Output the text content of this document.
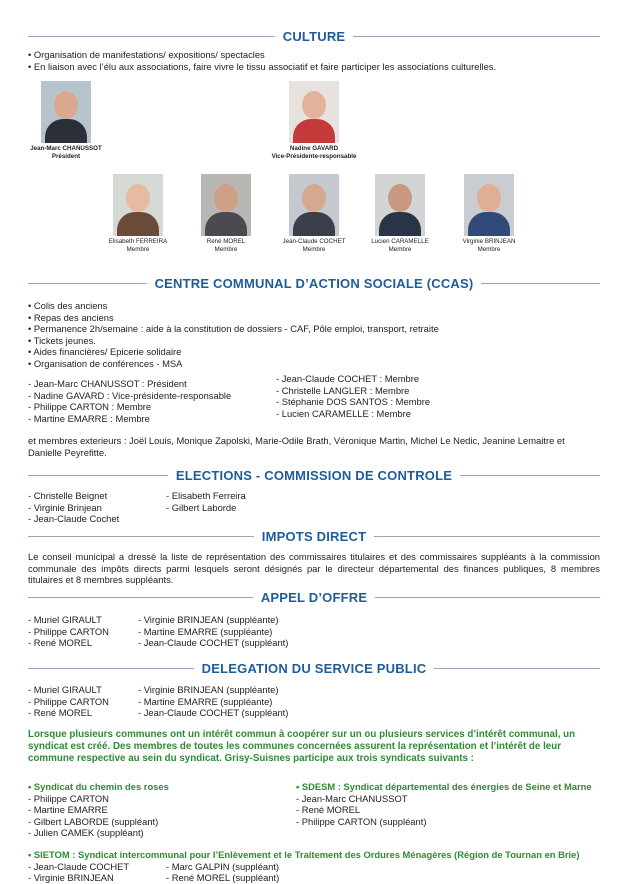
CULTURE
• Organisation de manifestations/ expositions/ spectacles
• En liaison avec l’élu aux associations, faire vivre le tissu associatif et faire participer les associations culturelles.
Jean-Marc CHANUSSOT
Président
Nadine GAVARD
Vice-Présidente-responsable
Elisabeth FERREIRA
Membre
René MOREL
Membre
Jean-Claude COCHET
Membre
Lucien CARAMELLE
Membre
Virginie BRINJEAN
Membre
CENTRE COMMUNAL D’ACTION SOCIALE (CCAS)
• Colis des anciens
• Repas des anciens
• Permanence 2h/semaine : aide à la constitution de dossiers - CAF, Pôle emploi, transport, retraite
• Tickets jeunes.
• Aides financières/ Epicerie solidaire
• Organisation de conférences - MSA
- Jean-Marc CHANUSSOT : Président
- Nadine GAVARD : Vice-présidente-responsable
- Philippe CARTON : Membre
- Martine EMARRE : Membre
- Jean-Claude COCHET : Membre
- Christelle LANGLER : Membre
- Stéphanie DOS SANTOS : Membre
- Lucien CARAMELLE : Membre

et membres exterieurs : Joël Louis, Monique Zapolski, Marie-Odile Brath, Véronique Martin, Michel Le Nedic, Jeanine Lemaitre et Danielle Peyrefitte.

ELECTIONS - COMMISSION DE CONTROLE
- Christelle Beignet
- Virginie Brinjean
- Jean-Claude Cochet
- Elisabeth Ferreira
- Gilbert Laborde
IMPOTS DIRECT

Le conseil municipal a dressé la liste de représentation des commissaires titulaires et des commissaires suppléants à la commission communale des impôts directs parmi lesquels seront désignés par le directeur départemental des finances publiques, 8 membres titulaires et 8 membres suppléants.

APPEL D’OFFRE
- Muriel GIRAULT
- Philippe CARTON
- René MOREL
- Virginie BRINJEAN (suppléante)
- Martine EMARRE (suppléante)
- Jean-Claude COCHET (suppléant)
DELEGATION DU SERVICE PUBLIC
- Muriel GIRAULT
- Philippe CARTON
- René MOREL
- Virginie BRINJEAN (suppléante)
- Martine EMARRE (suppléante)
- Jean-Claude COCHET (suppléant)

Lorsque plusieurs communes ont un intérêt commun à coopérer sur un ou plusieurs services d’intérêt communal, un syndicat est créé. Des membres de toutes les communes concernées assurent la représentation et l’intérêt de leur commune respective au sein du syndicat. Grisy-Suisnes participe aux trois syndicats suivants :

• Syndicat du chemin des roses
- Philippe CARTON
- Martine EMARRE
- Gilbert LABORDE (suppléant)
- Julien CAMEK (suppléant)
• SDESM : Syndicat départemental des énergies de Seine et Marne
- Jean-Marc CHANUSSOT
- René MOREL
- Philippe CARTON (suppléant)
• SIETOM : Syndicat intercommunal pour l’Enlèvement et le Traitement des Ordures Ménagères (Région de Tournan en Brie)
- Jean-Claude COCHET
- Virginie BRINJEAN
- Marc GALPIN (suppléant)
- René MOREL (suppléant)
